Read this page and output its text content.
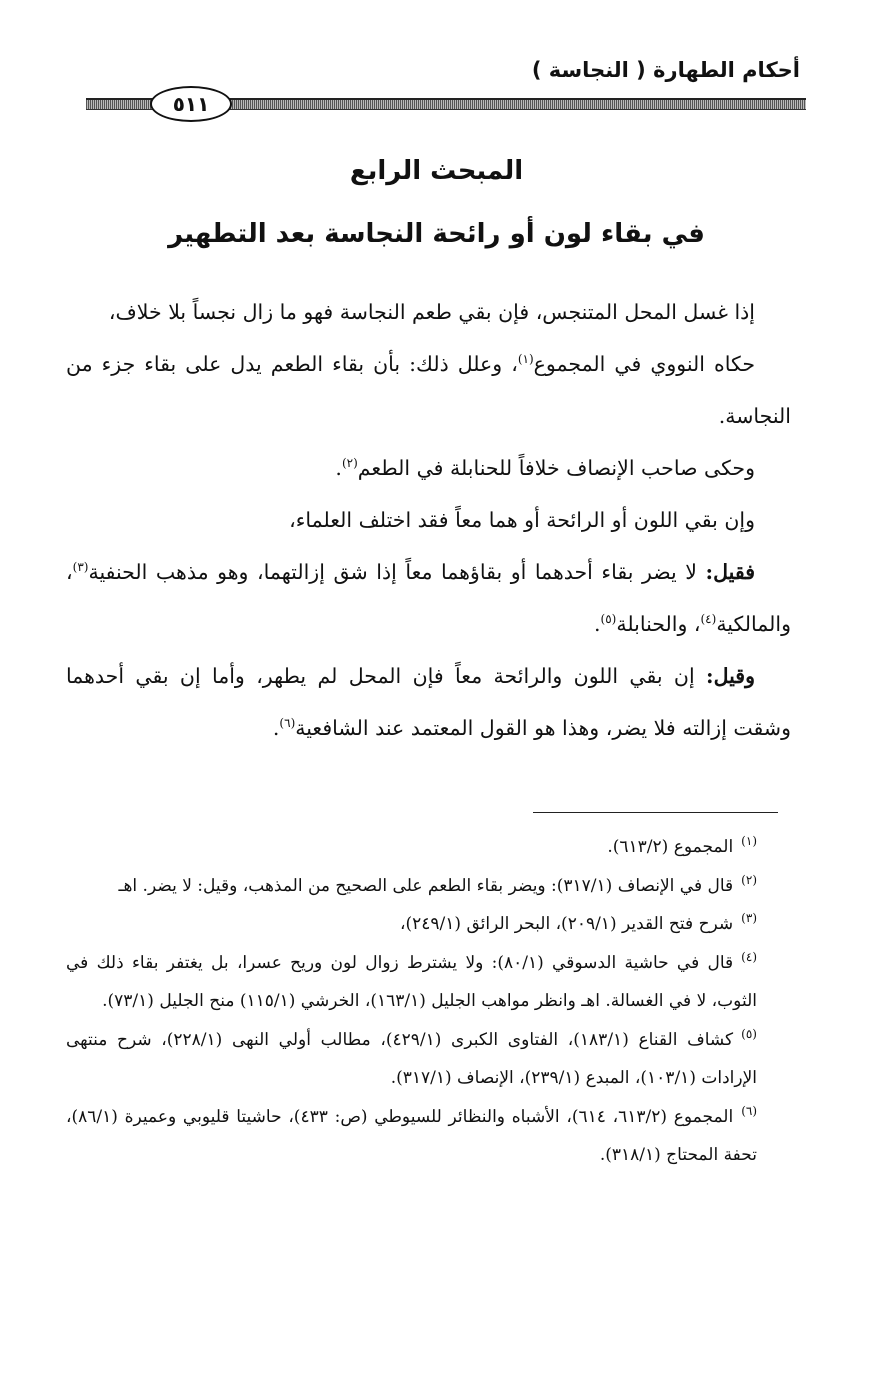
أحكام الطهارة ( النجاسة )
٥١١
المبحث الرابع
في بقاء لون أو رائحة النجاسة بعد التطهير

إذا غسل المحل المتنجس، فإن بقي طعم النجاسة فهو ما زال نجساً بلا خلاف،

حكاه النووي في المجموع$^{(١)}$، وعلل ذلك: بأن بقاء الطعم يدل على بقاء جزء من النجاسة.

وحكى صاحب الإنصاف خلافاً للحنابلة في الطعم$^{(٢)}$.

وإن بقي اللون أو الرائحة أو هما معاً فقد اختلف العلماء،

فقيل: لا يضر بقاء أحدهما أو بقاؤهما معاً إذا شق إزالتهما، وهو مذهب الحنفية$^{(٣)}$، والمالكية$^{(٤)}$، والحنابلة$^{(٥)}$.

وقيل: إن بقي اللون والرائحة معاً فإن المحل لم يطهر، وأما إن بقي أحدهما وشقت إزالته فلا يضر، وهذا هو القول المعتمد عند الشافعية$^{(٦)}$.

$^{(١)}$المجموع (٦١٣/٢).

$^{(٢)}$قال في الإنصاف (٣١٧/١): ويضر بقاء الطعم على الصحيح من المذهب، وقيل: لا يضر. اهـ

$^{(٣)}$شرح فتح القدير (٢٠٩/١)، البحر الرائق (٢٤٩/١)،

$^{(٤)}$قال في حاشية الدسوقي (٨٠/١): ولا يشترط زوال لون وريح عسرا، بل يغتفر بقاء ذلك في الثوب، لا في الغسالة. اهـ وانظر مواهب الجليل (١٦٣/١)، الخرشي (١١٥/١) منح الجليل (٧٣/١).

$^{(٥)}$كشاف القناع (١٨٣/١)، الفتاوى الكبرى (٤٢٩/١)، مطالب أولي النهى (٢٢٨/١)، شرح منتهى الإرادات (١٠٣/١)، المبدع (٢٣٩/١)، الإنصاف (٣١٧/١).

$^{(٦)}$المجموع (٦١٣/٢، ٦١٤)، الأشباه والنظائر للسيوطي (ص: ٤٣٣)، حاشيتا قليوبي وعميرة (٨٦/١)، تحفة المحتاج (٣١٨/١).
